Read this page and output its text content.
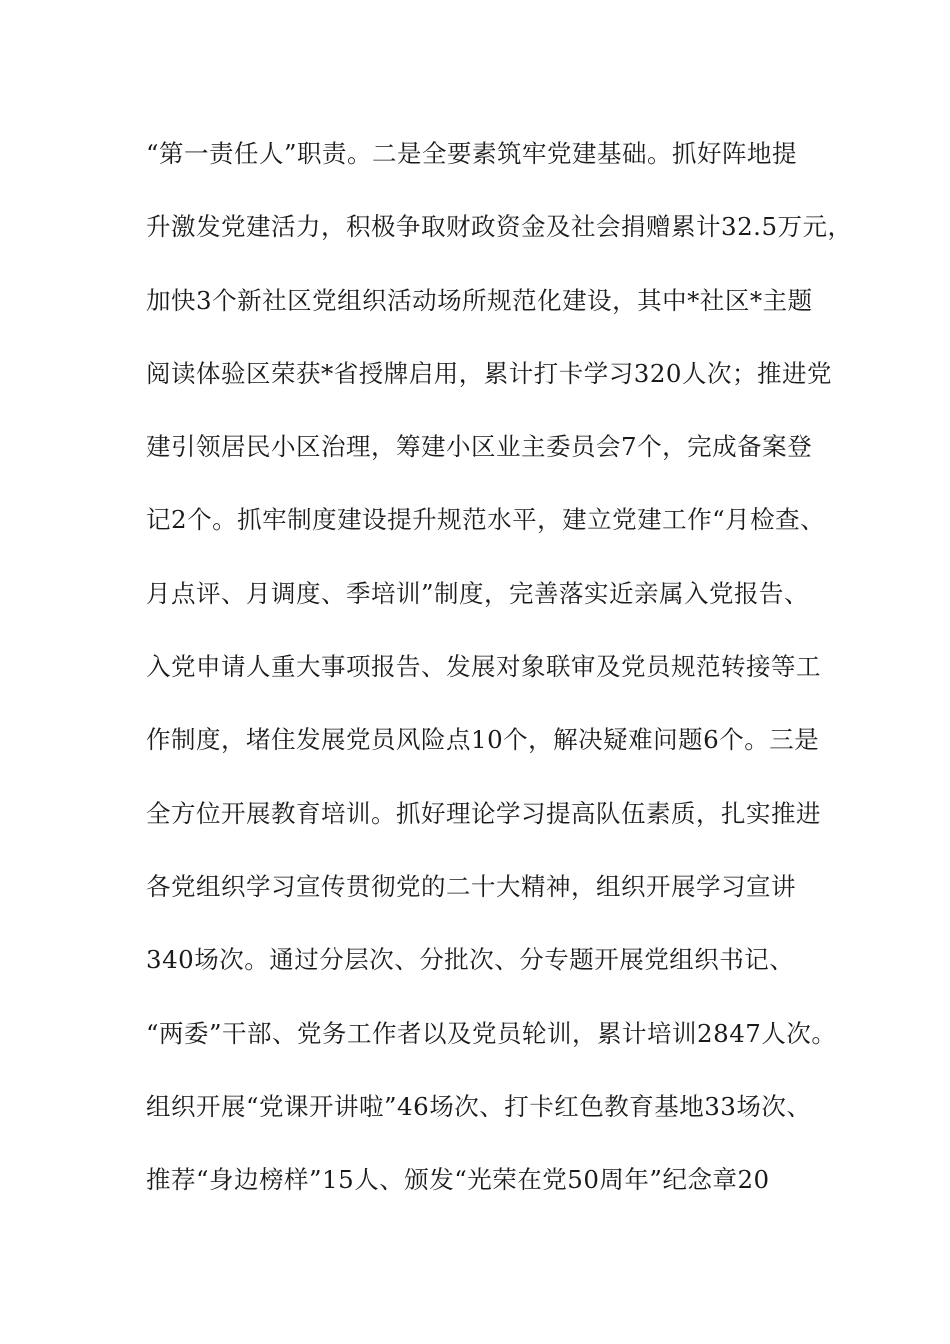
“第一责任人”职责。二是全要素筑牢党建基础。抓好阵地提
升激发党建活力，积极争取财政资金及社会捐赠累计32.5万元，
加快3个新社区党组织活动场所规范化建设，其中*社区*主题
阅读体验区荣获*省授牌启用，累计打卡学习320人次；推进党
建引领居民小区治理，筹建小区业主委员会7个，完成备案登
记2个。抓牢制度建设提升规范水平，建立党建工作“月检查、
月点评、月调度、季培训”制度，完善落实近亲属入党报告、
入党申请人重大事项报告、发展对象联审及党员规范转接等工
作制度，堵住发展党员风险点10个，解决疑难问题6个。三是
全方位开展教育培训。抓好理论学习提高队伍素质，扎实推进
各党组织学习宣传贯彻党的二十大精神，组织开展学习宣讲
340场次。通过分层次、分批次、分专题开展党组织书记、
“两委”干部、党务工作者以及党员轮训，累计培训2847人次。
组织开展“党课开讲啦”46场次、打卡红色教育基地33场次、
推荐“身边榜样”15人、颁发“光荣在党50周年”纪念章20
